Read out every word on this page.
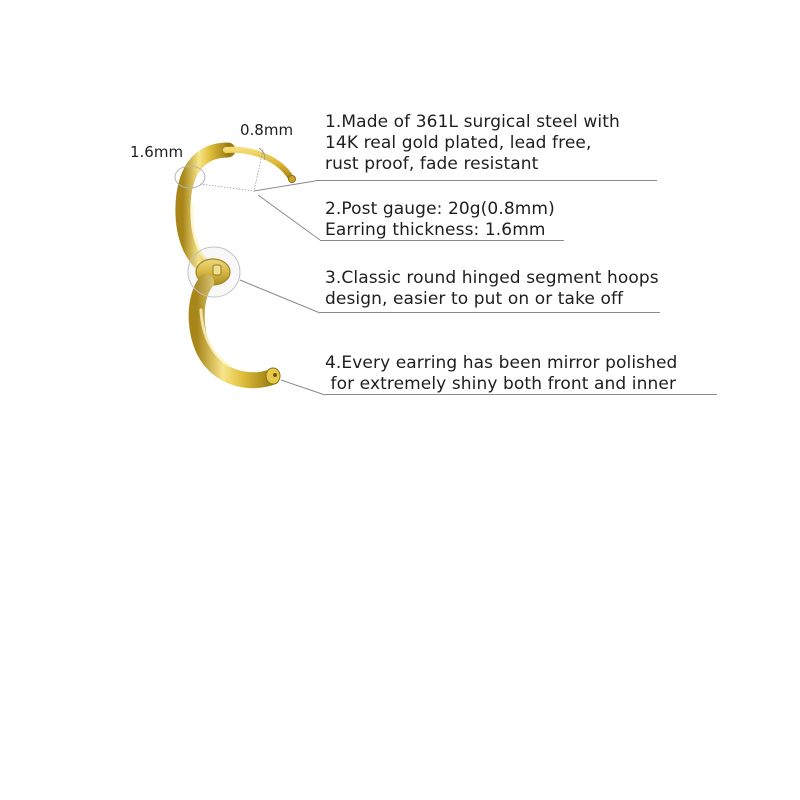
0.8mm
1.6mm
1.Made of 361L surgical steel with
14K real gold plated, lead free,
rust proof, fade resistant
2.Post gauge: 20g(0.8mm)
Earring thickness: 1.6mm
3.Classic round hinged segment hoops
design, easier to put on or take off
4.Every earring has been mirror polished
for extremely shiny both front and inner
